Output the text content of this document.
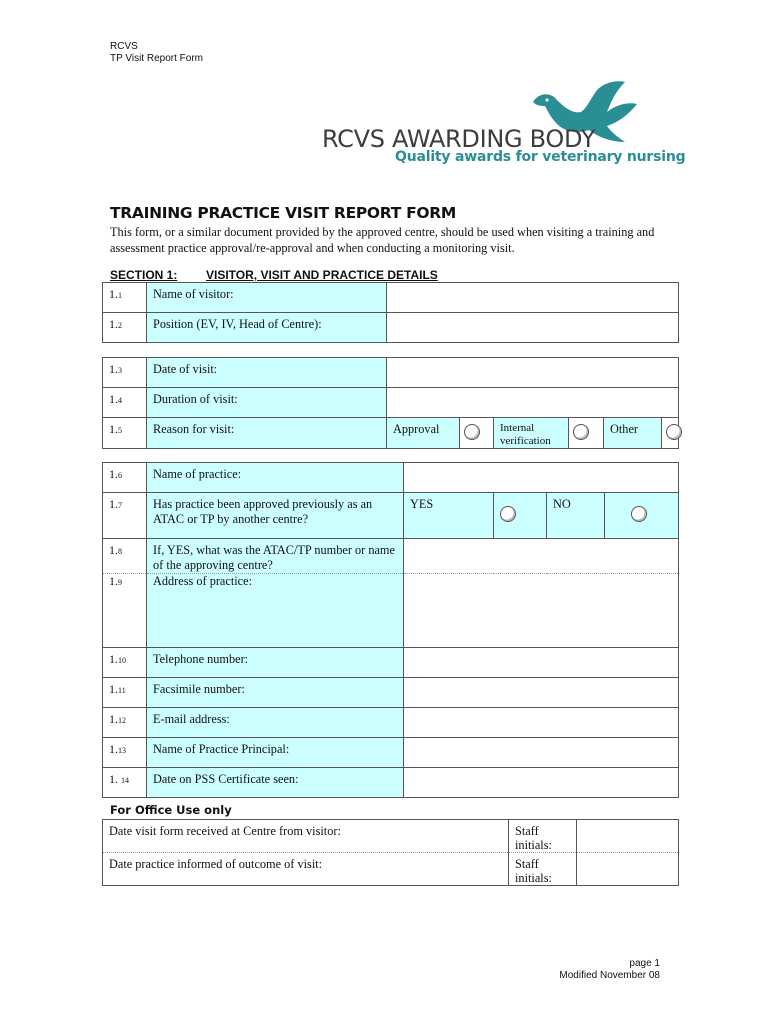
RCVS
TP Visit Report Form
RCVS AWARDING BODY
Quality awards for veterinary nursing
TRAINING PRACTICE VISIT REPORT FORM
This form, or a similar document provided by the approved centre, should be used when visiting a training and assessment practice approval/re-approval and when conducting a monitoring visit.
SECTION 1: VISITOR, VISIT AND PRACTICE DETAILS
1.1	Name of visitor:	
1.2	Position (EV, IV, Head of Centre):	
1.3	Date of visit:						
1.4	Duration of visit:						
1.5	Reason for visit:	Approval		Internal verification		Other	
1.6	Name of practice:				
1.7	Has practice been approved previously as an ATAC or TP by another centre?	YES		NO	
1.8	If, YES, what was the ATAC/TP number or name of the approving centre?				
1.9	Address of practice:				
1.10	Telephone number:				
1.11	Facsimile number:				
1.12	E-mail address:				
1.13	Name of Practice Principal:				
1. 14	Date on PSS Certificate seen:				
For Office Use only
Date visit form received at Centre from visitor:	Staff initials:	
Date practice informed of outcome of visit:	Staff initials:	
page 1
Modified November 08
